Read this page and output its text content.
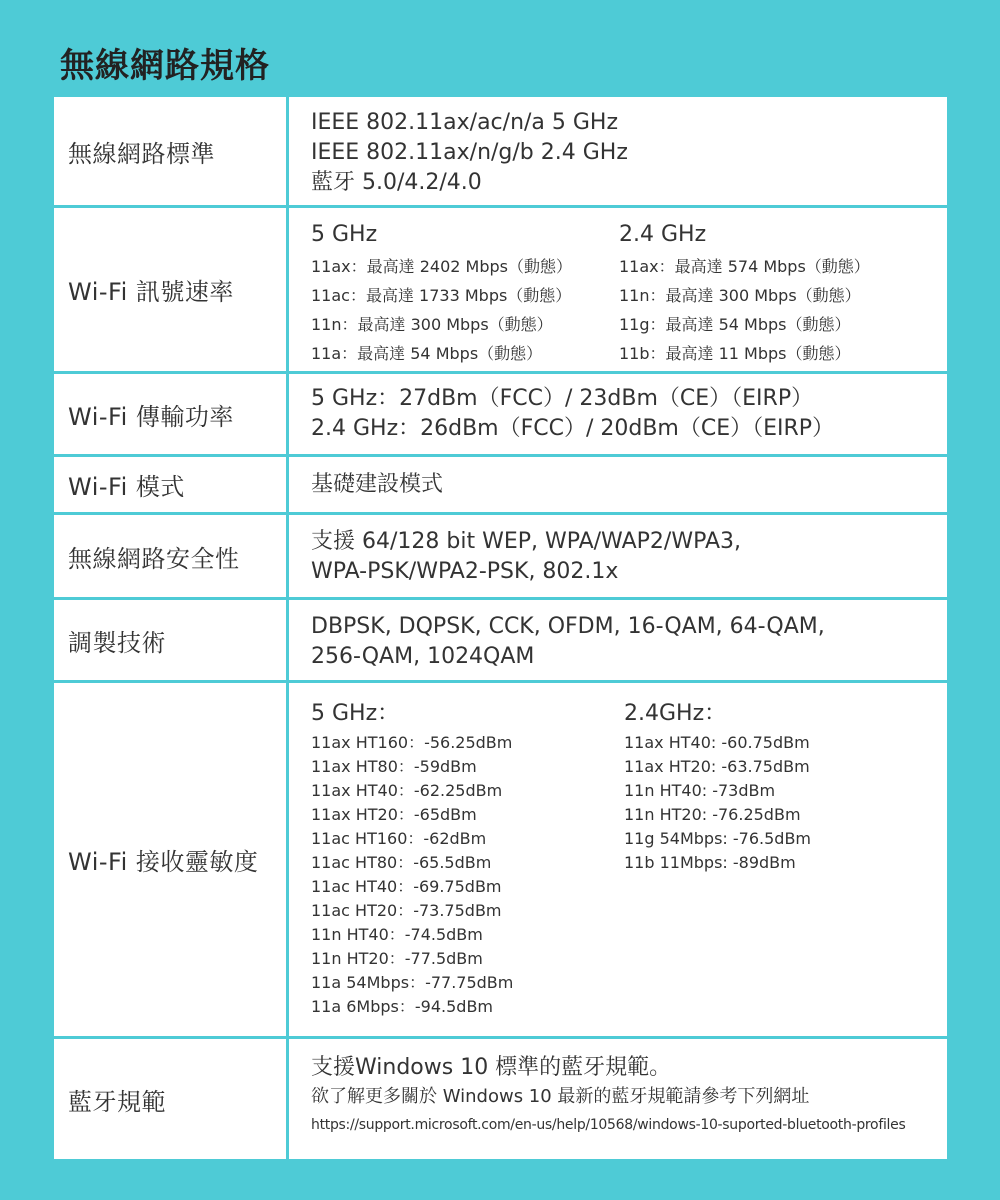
無線網路規格
無線網路標準
IEEE 802.11ax/ac/n/a 5 GHz
IEEE 802.11ax/n/g/b 2.4 GHz
藍牙 5.0/4.2/4.0
Wi-Fi 訊號速率
5 GHz
11ax：最高達 2402 Mbps（動態）
11ac：最高達 1733 Mbps（動態）
11n：最高達 300 Mbps（動態）
11a：最高達 54 Mbps（動態）
2.4 GHz
11ax：最高達 574 Mbps（動態）
11n：最高達 300 Mbps（動態）
11g：最高達 54 Mbps（動態）
11b：最高達 11 Mbps（動態）
Wi-Fi 傳輸功率
5 GHz：27dBm（FCC）/ 23dBm（CE）（EIRP）
2.4 GHz：26dBm（FCC）/ 20dBm（CE）（EIRP）
Wi-Fi 模式	基礎建設模式
無線網路安全性
支援 64/128 bit WEP, WPA/WAP2/WPA3,
WPA-PSK/WPA2-PSK, 802.1x
調製技術
DBPSK, DQPSK, CCK, OFDM, 16-QAM, 64-QAM,
256-QAM, 1024QAM
Wi-Fi 接收靈敏度
5 GHz：
11ax HT160：-56.25dBm
11ax HT80：-59dBm
11ax HT40：-62.25dBm
11ax HT20：-65dBm
11ac HT160：-62dBm
11ac HT80：-65.5dBm
11ac HT40：-69.75dBm
11ac HT20：-73.75dBm
11n HT40：-74.5dBm
11n HT20：-77.5dBm
11a 54Mbps：-77.75dBm
11a 6Mbps：-94.5dBm
2.4GHz：
11ax HT40: -60.75dBm
11ax HT20: -63.75dBm
11n HT40: -73dBm
11n HT20: -76.25dBm
11g 54Mbps: -76.5dBm
11b 11Mbps: -89dBm
藍牙規範
支援Windows 10 標準的藍牙規範。
欲了解更多關於 Windows 10 最新的藍牙規範請參考下列網址
https://support.microsoft.com/en-us/help/10568/windows-10-suported-bluetooth-profiles
